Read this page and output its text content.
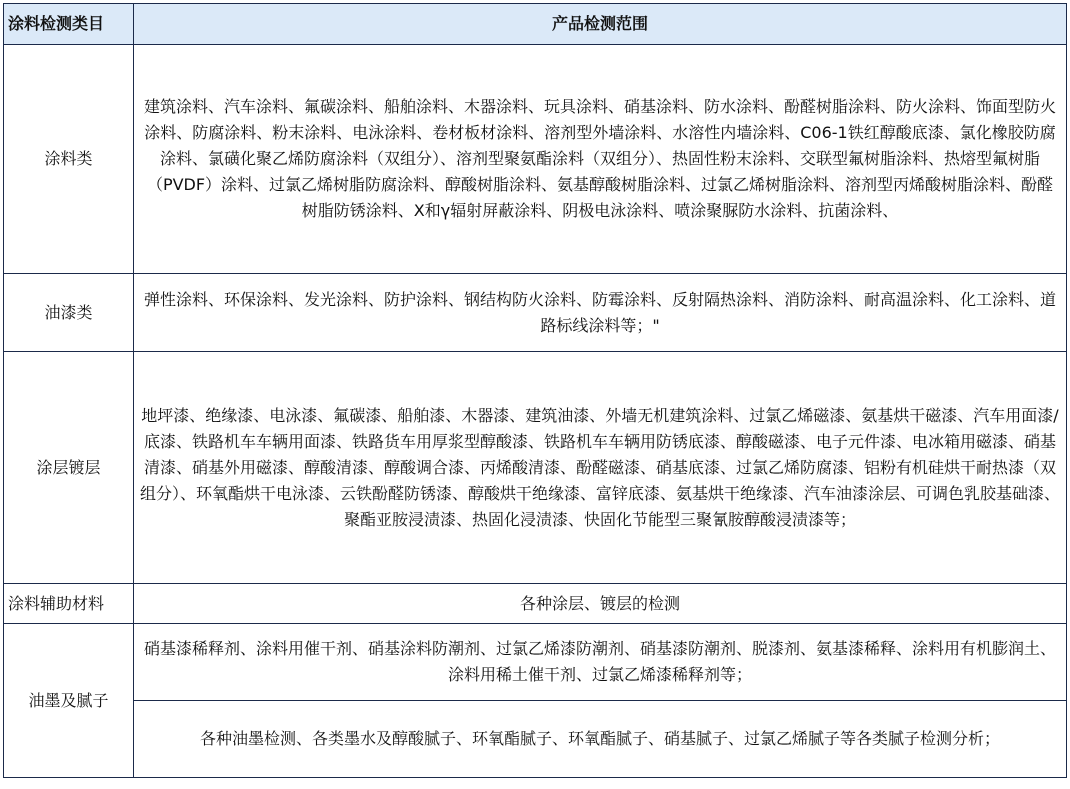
涂料检测类目	产品检测范围
涂料类	建筑涂料、汽车涂料、氟碳涂料、船舶涂料、木器涂料、玩具涂料、硝基涂料、防水涂料、酚醛树脂涂料、防火涂料、饰面型防火涂料、防腐涂料、粉末涂料、电泳涂料、卷材板材涂料、溶剂型外墙涂料、水溶性内墙涂料、C06-1铁红醇酸底漆、氯化橡胶防腐涂料、氯磺化聚乙烯防腐涂料（双组分）、溶剂型聚氨酯涂料（双组分）、热固性粉末涂料、交联型氟树脂涂料、热熔型氟树脂（PVDF）涂料、过氯乙烯树脂防腐涂料、醇酸树脂涂料、氨基醇酸树脂涂料、过氯乙烯树脂涂料、溶剂型丙烯酸树脂涂料、酚醛树脂防锈涂料、X和γ辐射屏蔽涂料、阴极电泳涂料、喷涂聚脲防水涂料、抗菌涂料、
油漆类	弹性涂料、环保涂料、发光涂料、防护涂料、钢结构防火涂料、防霉涂料、反射隔热涂料、消防涂料、耐高温涂料、化工涂料、道路标线涂料等；"
涂层镀层	地坪漆、绝缘漆、电泳漆、氟碳漆、船舶漆、木器漆、建筑油漆、外墙无机建筑涂料、过氯乙烯磁漆、氨基烘干磁漆、汽车用面漆/底漆、铁路机车车辆用面漆、铁路货车用厚浆型醇酸漆、铁路机车车辆用防锈底漆、醇酸磁漆、电子元件漆、电冰箱用磁漆、硝基清漆、硝基外用磁漆、醇酸清漆、醇酸调合漆、丙烯酸清漆、酚醛磁漆、硝基底漆、过氯乙烯防腐漆、铝粉有机硅烘干耐热漆（双组分）、环氧酯烘干电泳漆、云铁酚醛防锈漆、醇酸烘干绝缘漆、富锌底漆、氨基烘干绝缘漆、汽车油漆涂层、可调色乳胶基础漆、聚酯亚胺浸渍漆、热固化浸渍漆、快固化节能型三聚氰胺醇酸浸渍漆等；
涂料辅助材料	各种涂层、镀层的检测
油墨及腻子	硝基漆稀释剂、涂料用催干剂、硝基涂料防潮剂、过氯乙烯漆防潮剂、硝基漆防潮剂、脱漆剂、氨基漆稀释、涂料用有机膨润土、涂料用稀土催干剂、过氯乙烯漆稀释剂等；
	各种油墨检测、各类墨水及醇酸腻子、环氧酯腻子、环氧酯腻子、硝基腻子、过氯乙烯腻子等各类腻子检测分析；
